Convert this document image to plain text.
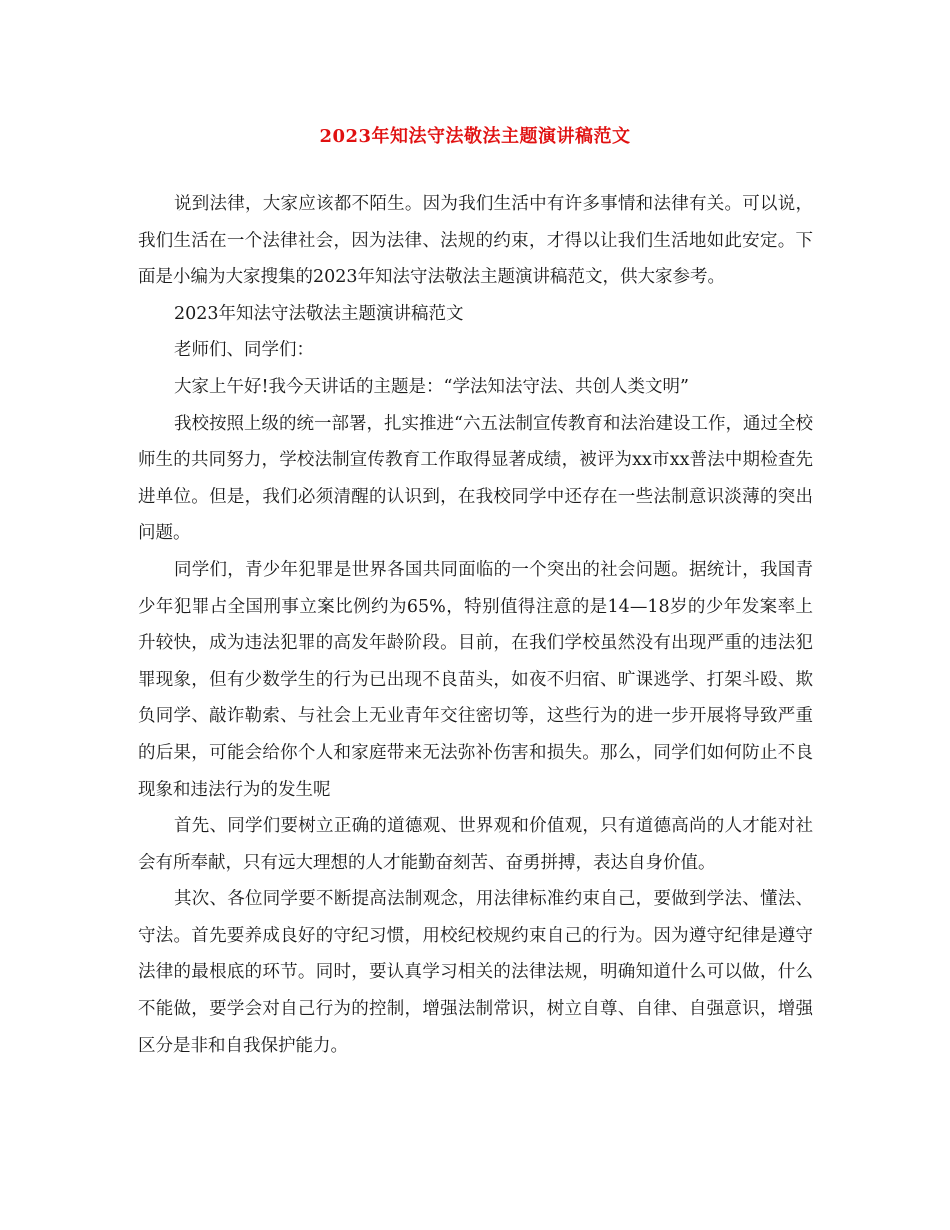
2023年知法守法敬法主题演讲稿范文

说到法律，大家应该都不陌生。因为我们生活中有许多事情和法律有关。可以说，我们生活在一个法律社会，因为法律、法规的约束，才得以让我们生活地如此安定。下面是小编为大家搜集的2023年知法守法敬法主题演讲稿范文，供大家参考。

2023年知法守法敬法主题演讲稿范文

老师们、同学们：

大家上午好!我今天讲话的主题是：“学法知法守法、共创人类文明”

我校按照上级的统一部署，扎实推进“六五法制宣传教育和法治建设工作，通过全校师生的共同努力，学校法制宣传教育工作取得显著成绩，被评为xx市xx普法中期检查先进单位。但是，我们必须清醒的认识到，在我校同学中还存在一些法制意识淡薄的突出问题。

同学们，青少年犯罪是世界各国共同面临的一个突出的社会问题。据统计，我国青少年犯罪占全国刑事立案比例约为65%，特别值得注意的是14—18岁的少年发案率上升较快，成为违法犯罪的高发年龄阶段。目前，在我们学校虽然没有出现严重的违法犯罪现象，但有少数学生的行为已出现不良苗头，如夜不归宿、旷课逃学、打架斗殴、欺负同学、敲诈勒索、与社会上无业青年交往密切等，这些行为的进一步开展将导致严重的后果，可能会给你个人和家庭带来无法弥补伤害和损失。那么，同学们如何防止不良现象和违法行为的发生呢

首先、同学们要树立正确的道德观、世界观和价值观，只有道德高尚的人才能对社会有所奉献，只有远大理想的人才能勤奋刻苦、奋勇拼搏，表达自身价值。

其次、各位同学要不断提高法制观念，用法律标准约束自己，要做到学法、懂法、守法。首先要养成良好的守纪习惯，用校纪校规约束自己的行为。因为遵守纪律是遵守法律的最根底的环节。同时，要认真学习相关的法律法规，明确知道什么可以做，什么不能做，要学会对自己行为的控制，增强法制常识，树立自尊、自律、自强意识，增强区分是非和自我保护能力。
